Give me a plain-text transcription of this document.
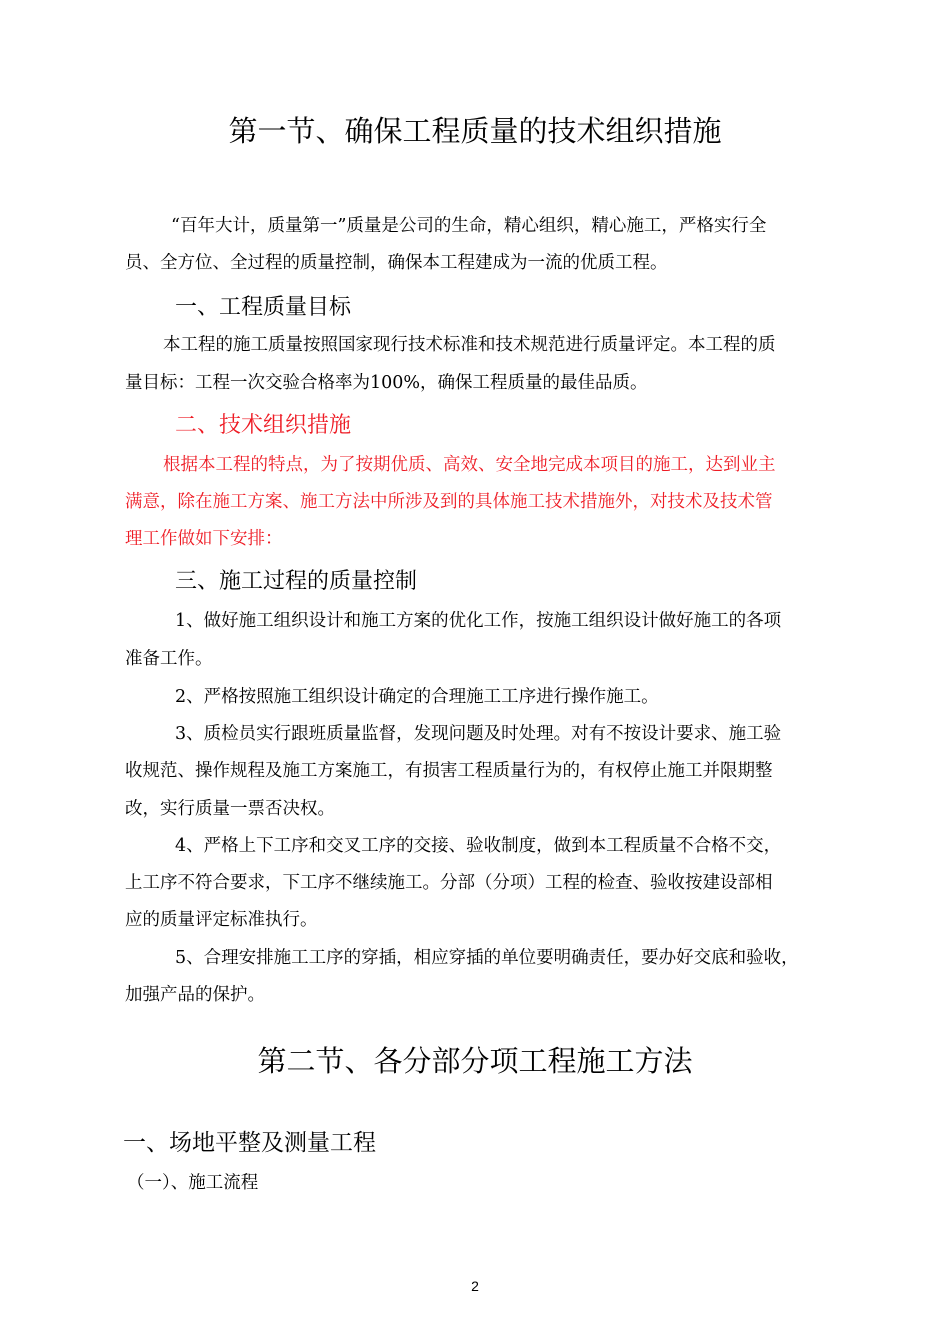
第一节、确保工程质量的技术组织措施

“百年大计，质量第一”质量是公司的生命，精心组织，精心施工，严格实行全

员、全方位、全过程的质量控制，确保本工程建成为一流的优质工程。

一、工程质量目标

本工程的施工质量按照国家现行技术标准和技术规范进行质量评定。本工程的质

量目标：工程一次交验合格率为100%，确保工程质量的最佳品质。

二、技术组织措施

根据本工程的特点，为了按期优质、高效、安全地完成本项目的施工，达到业主

满意，除在施工方案、施工方法中所涉及到的具体施工技术措施外，对技术及技术管

理工作做如下安排：

三、施工过程的质量控制

1、做好施工组织设计和施工方案的优化工作，按施工组织设计做好施工的各项

准备工作。

2、严格按照施工组织设计确定的合理施工工序进行操作施工。

3、质检员实行跟班质量监督，发现问题及时处理。对有不按设计要求、施工验

收规范、操作规程及施工方案施工，有损害工程质量行为的，有权停止施工并限期整

改，实行质量一票否决权。

4、严格上下工序和交叉工序的交接、验收制度，做到本工程质量不合格不交，

上工序不符合要求，下工序不继续施工。分部（分项）工程的检查、验收按建设部相

应的质量评定标准执行。

5、合理安排施工工序的穿插，相应穿插的单位要明确责任，要办好交底和验收，

加强产品的保护。

第二节、各分部分项工程施工方法
一、场地平整及测量工程

（一）、施工流程

2
